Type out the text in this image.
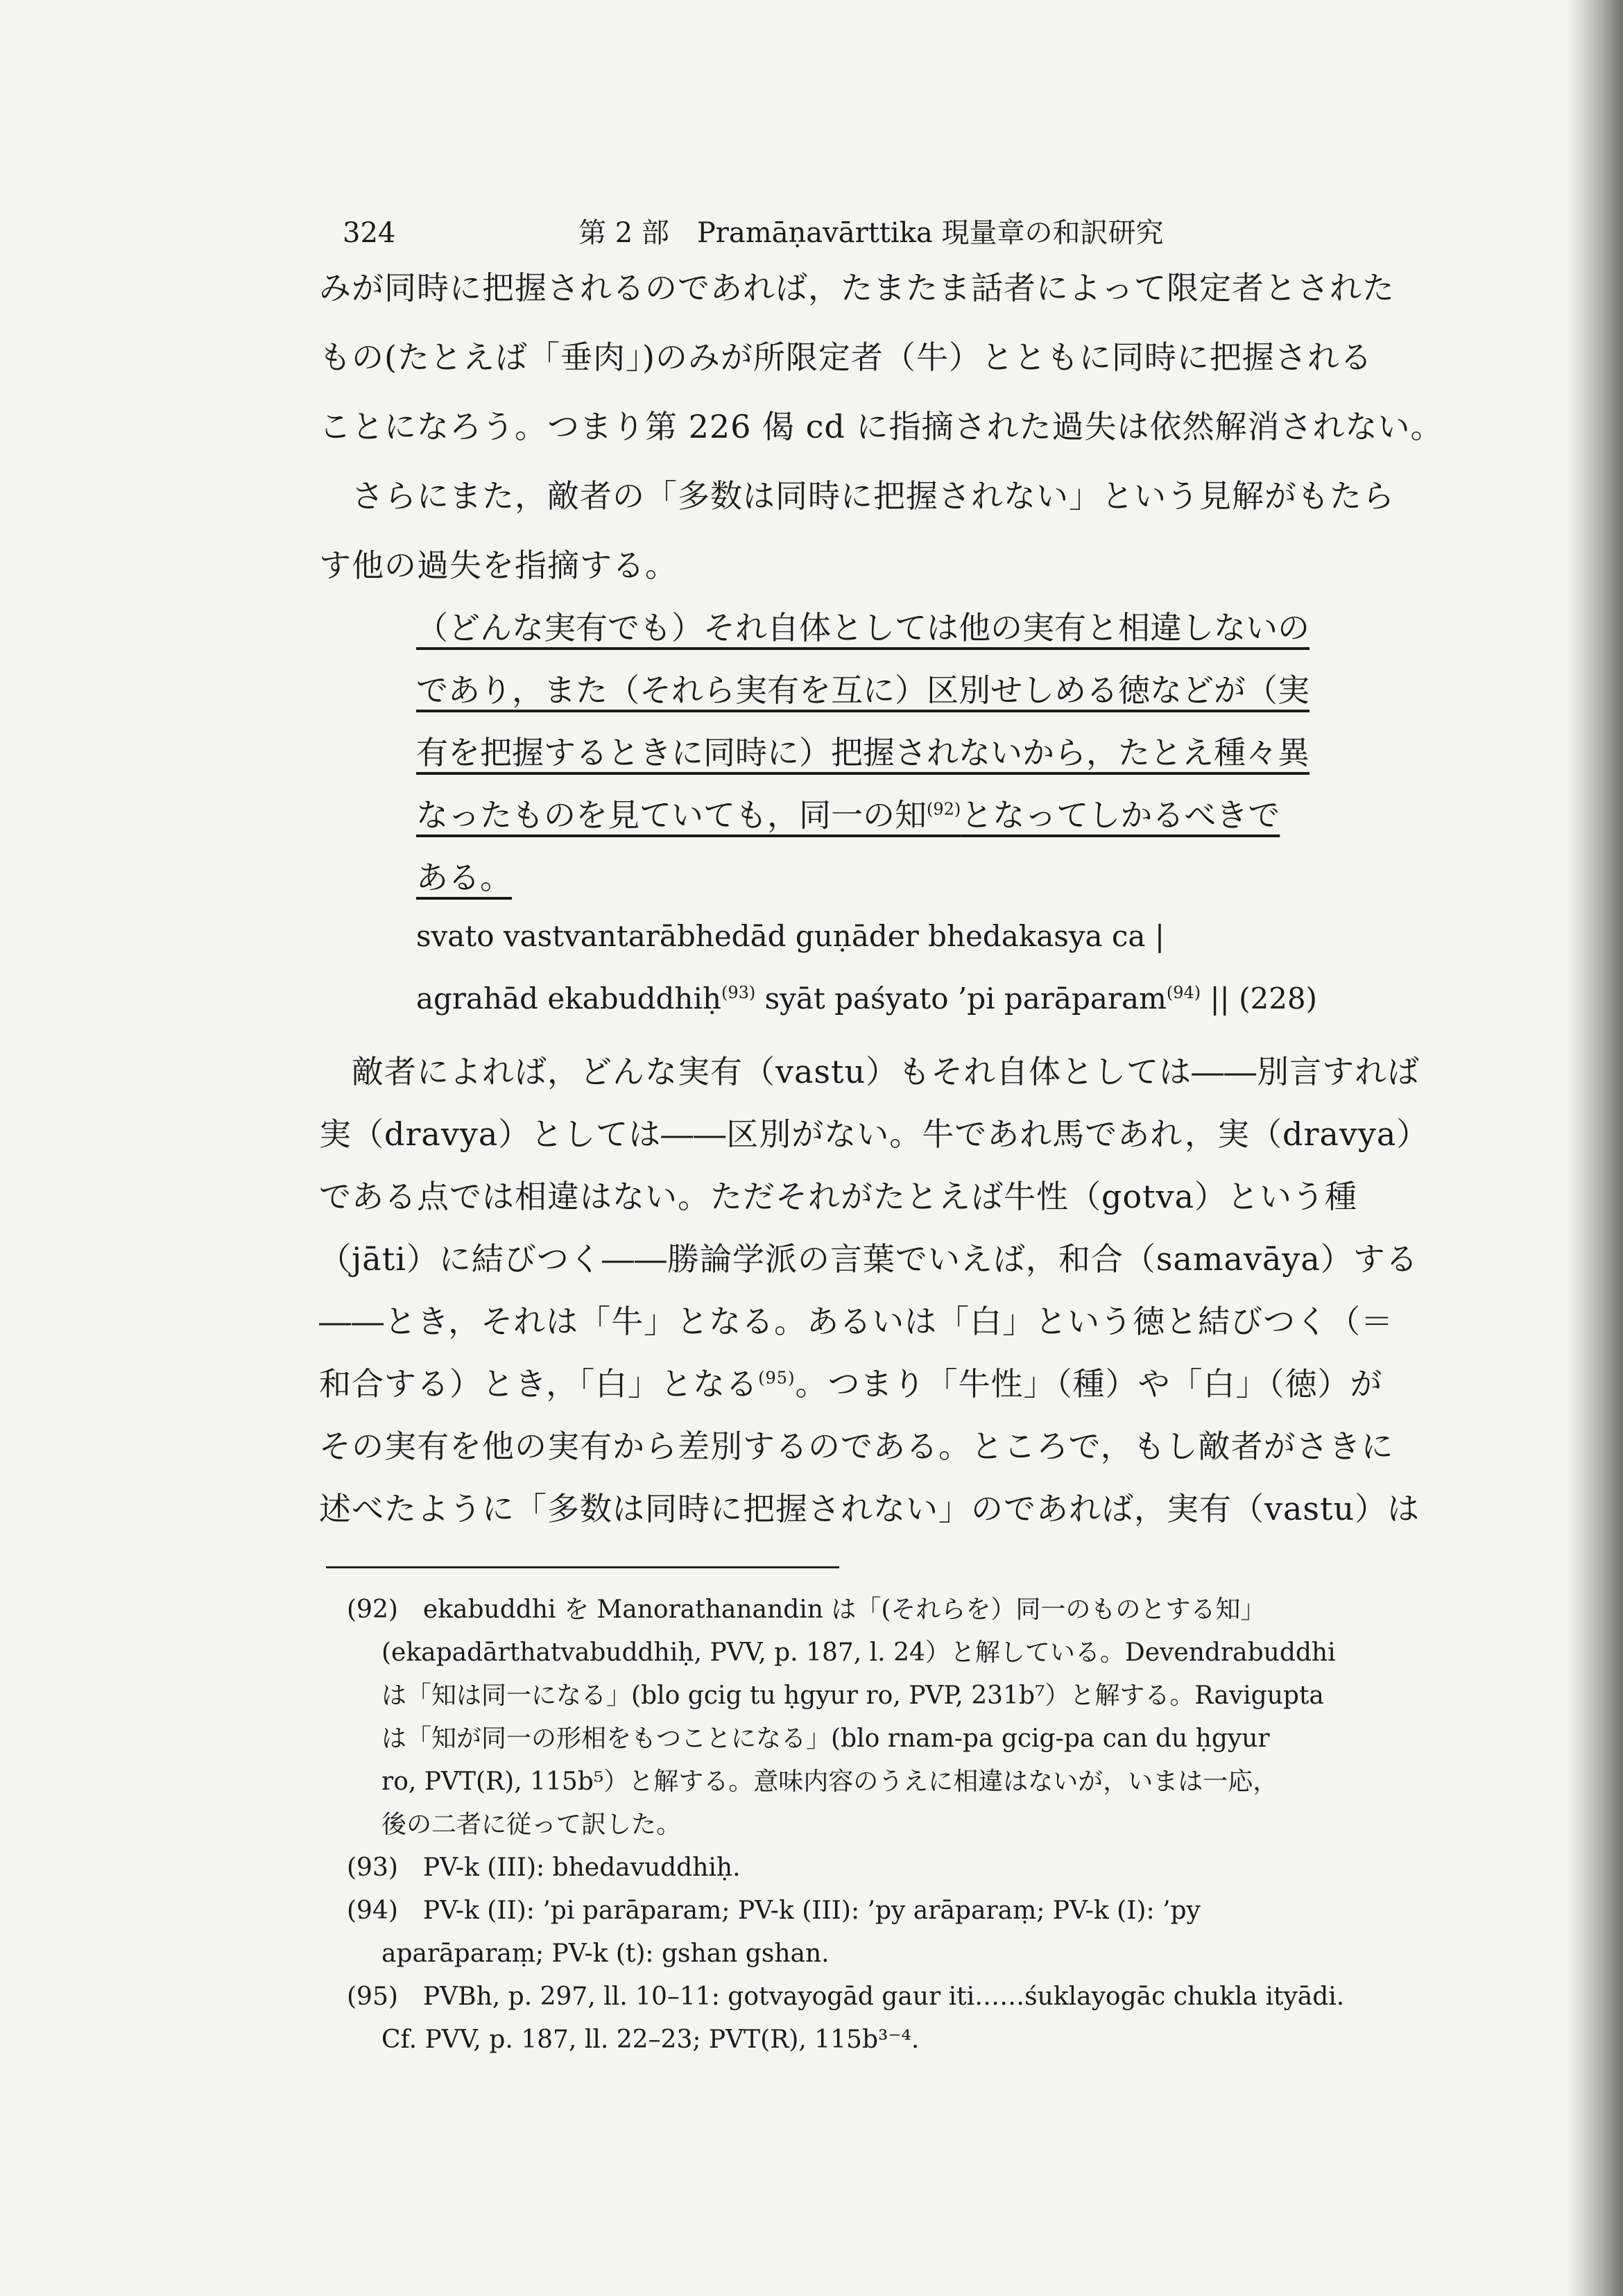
324	第 2 部　Pramāṇavārttika 現量章の和訳研究
みが同時に把握されるのであれば，たまたま話者によって限定者とされた
もの(たとえば「垂肉」)のみが所限定者（牛）とともに同時に把握される
ことになろう。つまり第 226 偈 cd に指摘された過失は依然解消されない。
　さらにまた，敵者の「多数は同時に把握されない」という見解がもたら
す他の過失を指摘する。
（どんな実有でも）それ自体としては他の実有と相違しないの
であり，また（それら実有を互に）区別せしめる徳などが（実
有を把握するときに同時に）把握されないから，たとえ種々異
なったものを見ていても，同一の知$^{(92)}$となってしかるべきで
ある。
svato vastvantarābhedād guṇāder bhedakasya ca |
agrahād ekabuddhiḥ$^{(93)}$ syāt paśyato ’pi parāparam$^{(94)}$ || (228)
　敵者によれば，どんな実有（vastu）もそれ自体としては――別言すれば
実（dravya）としては――区別がない。牛であれ馬であれ，実（dravya）
である点では相違はない。ただそれがたとえば牛性（gotva）という種
（jāti）に結びつく――勝論学派の言葉でいえば，和合（samavāya）する
――とき，それは「牛」となる。あるいは「白」という徳と結びつく（＝
和合する）とき，「白」となる$^{(95)}$。つまり「牛性」（種）や「白」（徳）が
その実有を他の実有から差別するのである。ところで，もし敵者がさきに
述べたように「多数は同時に把握されない」のであれば，実有（vastu）は
(92)　ekabuddhi を Manorathanandin は「(それらを）同一のものとする知」
(ekapadārthatvabuddhiḥ, PVV, p. 187, l. 24）と解している。Devendrabuddhi
は「知は同一になる」(blo gcig tu ḥgyur ro, PVP, 231b⁷）と解する。Ravigupta
は「知が同一の形相をもつことになる」(blo rnam-pa gcig-pa can du ḥgyur
ro, PVT(R), 115b⁵）と解する。意味内容のうえに相違はないが，いまは一応，
後の二者に従って訳した。
(93)　PV-k (III): bhedavuddhiḥ.
(94)　PV-k (II): ’pi parāparam; PV-k (III): ’py arāparaṃ; PV-k (I): ’py
aparāparaṃ; PV-k (t): gshan gshan.
(95)　PVBh, p. 297, ll. 10–11: gotvayogād gaur iti……śuklayogāc chukla ityādi.
Cf. PVV, p. 187, ll. 22–23; PVT(R), 115b³⁻⁴.
